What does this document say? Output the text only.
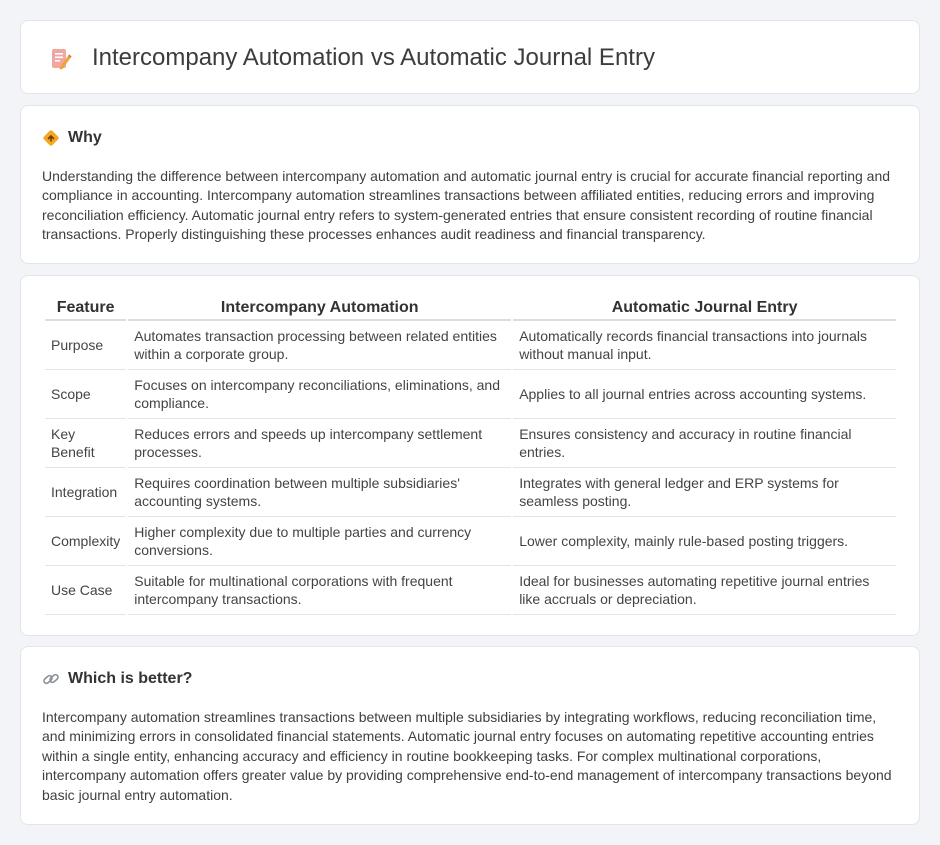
Intercompany Automation vs Automatic Journal Entry
Why

Understanding the difference between intercompany automation and automatic journal entry is crucial for accurate financial reporting and compliance in accounting. Intercompany automation streamlines transactions between affiliated entities, reducing errors and improving reconciliation efficiency. Automatic journal entry refers to system-generated entries that ensure consistent recording of routine financial transactions. Properly distinguishing these processes enhances audit readiness and financial transparency.

Feature	Intercompany Automation	Automatic Journal Entry
Purpose	Automates transaction processing between related entities within a corporate group.	Automatically records financial transactions into journals without manual input.
Scope	Focuses on intercompany reconciliations, eliminations, and compliance.	Applies to all journal entries across accounting systems.
Key Benefit	Reduces errors and speeds up intercompany settlement processes.	Ensures consistency and accuracy in routine financial entries.
Integration	Requires coordination between multiple subsidiaries' accounting systems.	Integrates with general ledger and ERP systems for seamless posting.
Complexity	Higher complexity due to multiple parties and currency conversions.	Lower complexity, mainly rule-based posting triggers.
Use Case	Suitable for multinational corporations with frequent intercompany transactions.	Ideal for businesses automating repetitive journal entries like accruals or depreciation.
Which is better?

Intercompany automation streamlines transactions between multiple subsidiaries by integrating workflows, reducing reconciliation time, and minimizing errors in consolidated financial statements. Automatic journal entry focuses on automating repetitive accounting entries within a single entity, enhancing accuracy and efficiency in routine bookkeeping tasks. For complex multinational corporations, intercompany automation offers greater value by providing comprehensive end-to-end management of intercompany transactions beyond basic journal entry automation.
